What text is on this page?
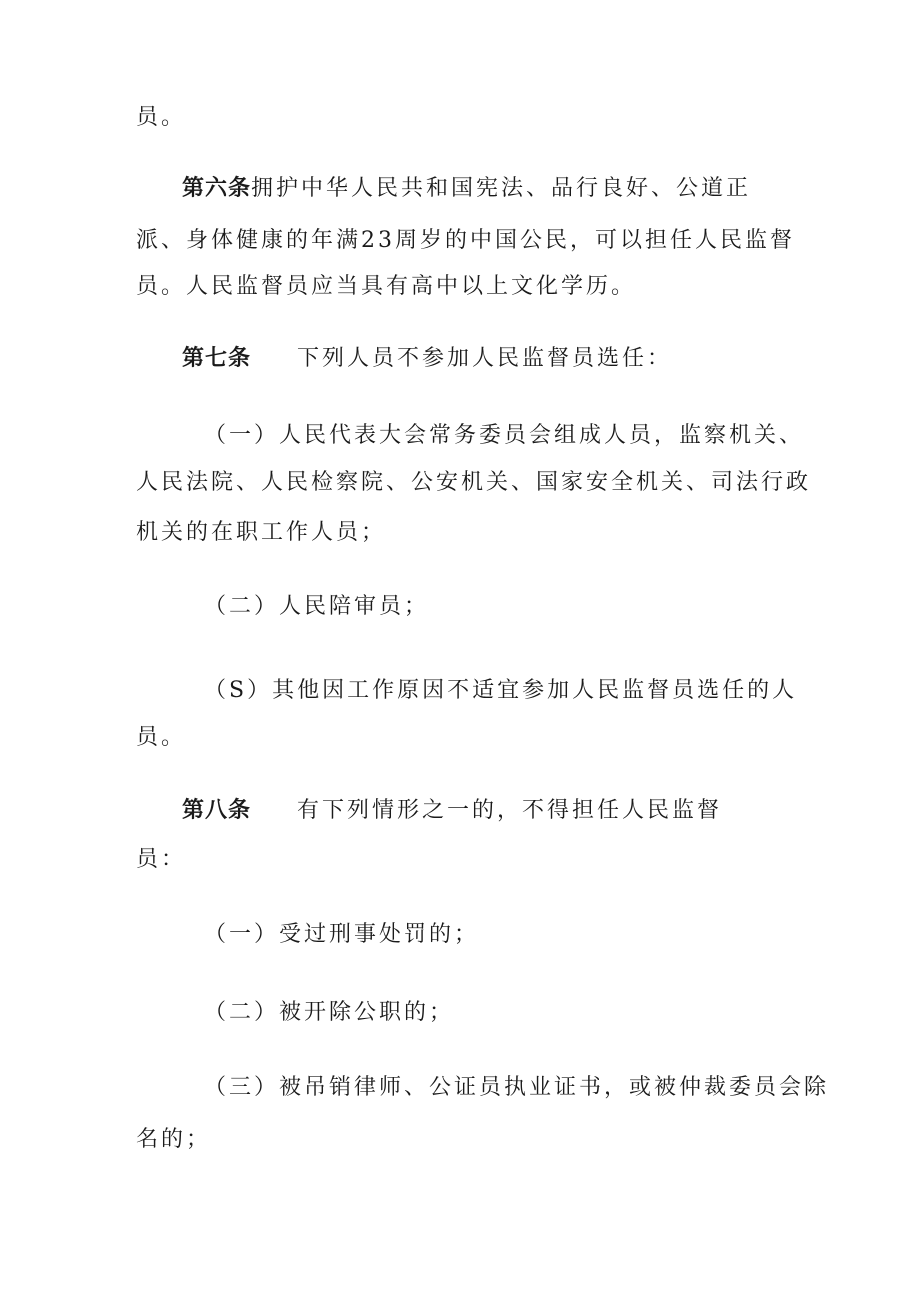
员。
第六条拥护中华人民共和国宪法、品行良好、公道正
派、身体健康的年满23周岁的中国公民，可以担任人民监督
员。人民监督员应当具有高中以上文化学历。
第七条 下列人员不参加人民监督员选任：
（一）人民代表大会常务委员会组成人员，监察机关、
人民法院、人民检察院、公安机关、国家安全机关、司法行政
机关的在职工作人员；
（二）人民陪审员；
（S）其他因工作原因不适宜参加人民监督员选任的人
员。
第八条 有下列情形之一的，不得担任人民监督
员：
（一）受过刑事处罚的；
（二）被开除公职的；
（三）被吊销律师、公证员执业证书，或被仲裁委员会除
名的；
